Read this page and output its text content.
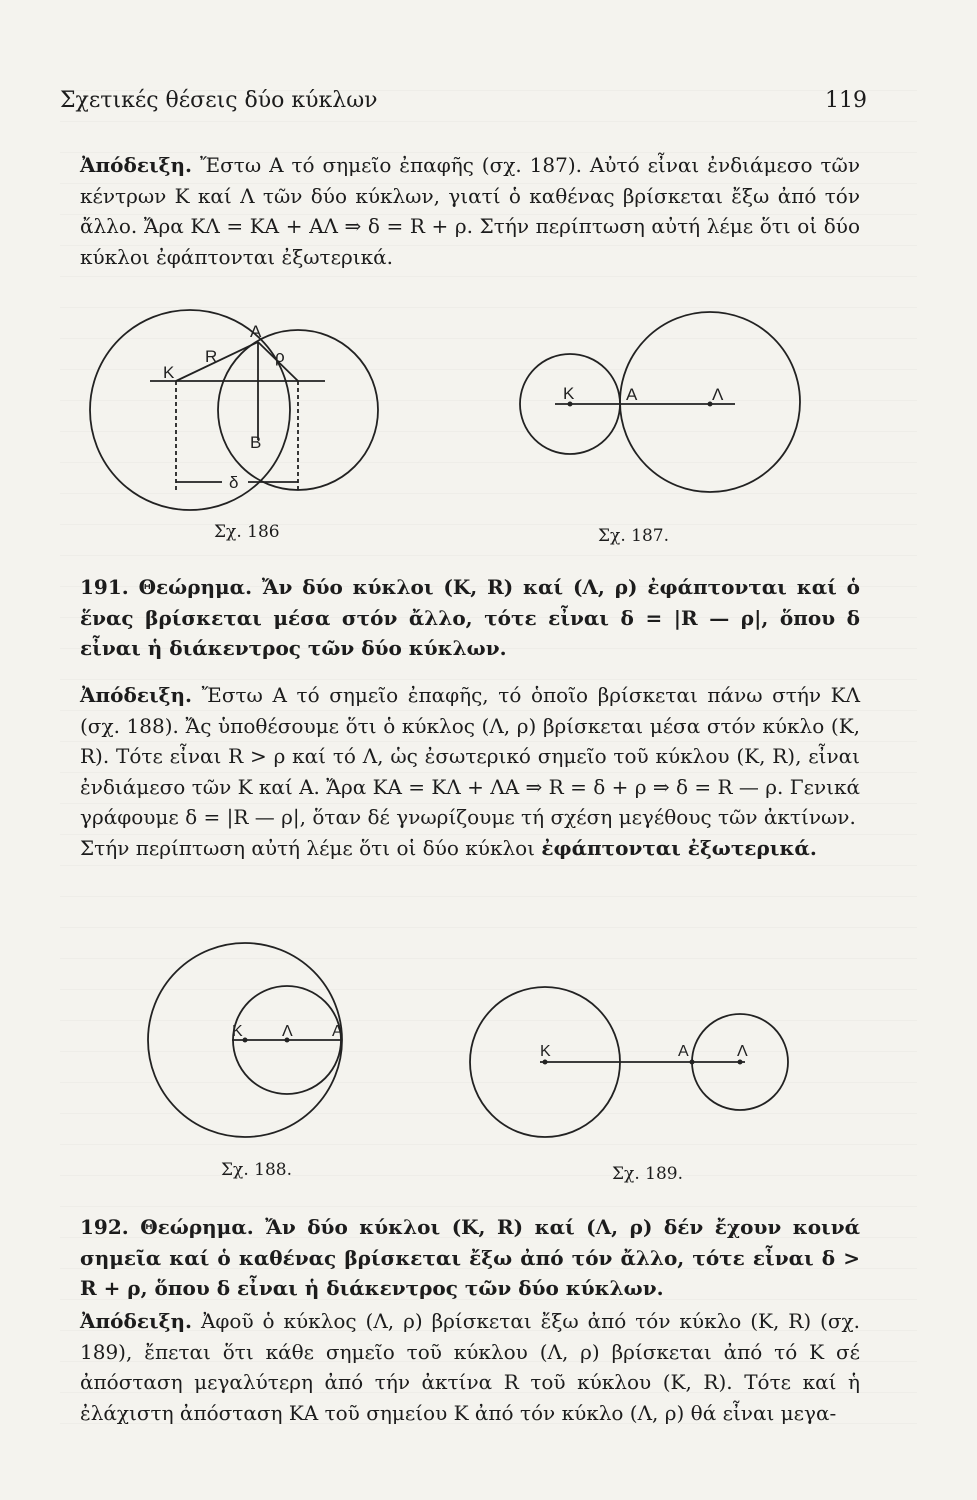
Σχετικές θέσεις δύο κύκλων	119

Ἀπόδειξη. Ἔστω Α τό σημεῖο ἐπαφῆς (σχ. 187). Αὐτό εἶναι ἐνδιάμεσο τῶν κέντρων Κ καί Λ τῶν δύο κύκλων, γιατί ὁ καθένας βρίσκεται ἔξω ἀπό τόν ἄλλο. Ἄρα ΚΛ = ΚΑ + ΑΛ ⇒ δ = R + ρ. Στήν περίπτωση αὐτή λέμε ὅτι οἱ δύο κύκλοι ἐφάπτονται ἐξωτερικά.

A
R	ρ
K
B
δ
K	A	Λ
Σχ. 186	Σχ. 187.

191. Θεώρημα. Ἄν δύο κύκλοι (Κ, R) καί (Λ, ρ) ἐφάπτονται καί ὁ ἕνας βρίσκεται μέσα στόν ἄλλο, τότε εἶναι δ = |R — ρ|, ὅπου δ εἶναι ἡ διάκεντρος τῶν δύο κύκλων.

Ἀπόδειξη. Ἔστω Α τό σημεῖο ἐπαφῆς, τό ὁποῖο βρίσκεται πάνω στήν ΚΛ (σχ. 188). Ἄς ὑποθέσουμε ὅτι ὁ κύκλος (Λ, ρ) βρίσκεται μέσα στόν κύκλο (Κ, R). Τότε εἶναι R > ρ καί τό Λ, ὡς ἐσωτερικό σημεῖο τοῦ κύκλου (Κ, R), εἶναι ἐνδιάμεσο τῶν Κ καί Α. Ἄρα ΚΑ = ΚΛ + ΛΑ ⇒ R = δ + ρ ⇒ δ = R — ρ. Γενικά γράφουμε δ = |R — ρ|, ὅταν δέ γνωρίζουμε τή σχέση μεγέθους τῶν ἀκτίνων.

Στήν περίπτωση αὐτή λέμε ὅτι οἱ δύο κύκλοι ἐφάπτονται ἐξωτερικά.

K Λ A
K	A	Λ
Σχ. 188.	Σχ. 189.

192. Θεώρημα. Ἄν δύο κύκλοι (Κ, R) καί (Λ, ρ) δέν ἔχουν κοινά σημεῖα καί ὁ καθένας βρίσκεται ἔξω ἀπό τόν ἄλλο, τότε εἶναι δ > R + ρ, ὅπου δ εἶναι ἡ διάκεντρος τῶν δύο κύκλων.

Ἀπόδειξη. Ἀφοῦ ὁ κύκλος (Λ, ρ) βρίσκεται ἔξω ἀπό τόν κύκλο (Κ, R) (σχ. 189), ἔπεται ὅτι κάθε σημεῖο τοῦ κύκλου (Λ, ρ) βρίσκεται ἀπό τό Κ σέ ἀπόσταση μεγαλύτερη ἀπό τήν ἀκτίνα R τοῦ κύκλου (Κ, R). Τότε καί ἡ ἐλάχιστη ἀπόσταση ΚΑ τοῦ σημείου Κ ἀπό τόν κύκλο (Λ, ρ) θά εἶναι μεγα-
